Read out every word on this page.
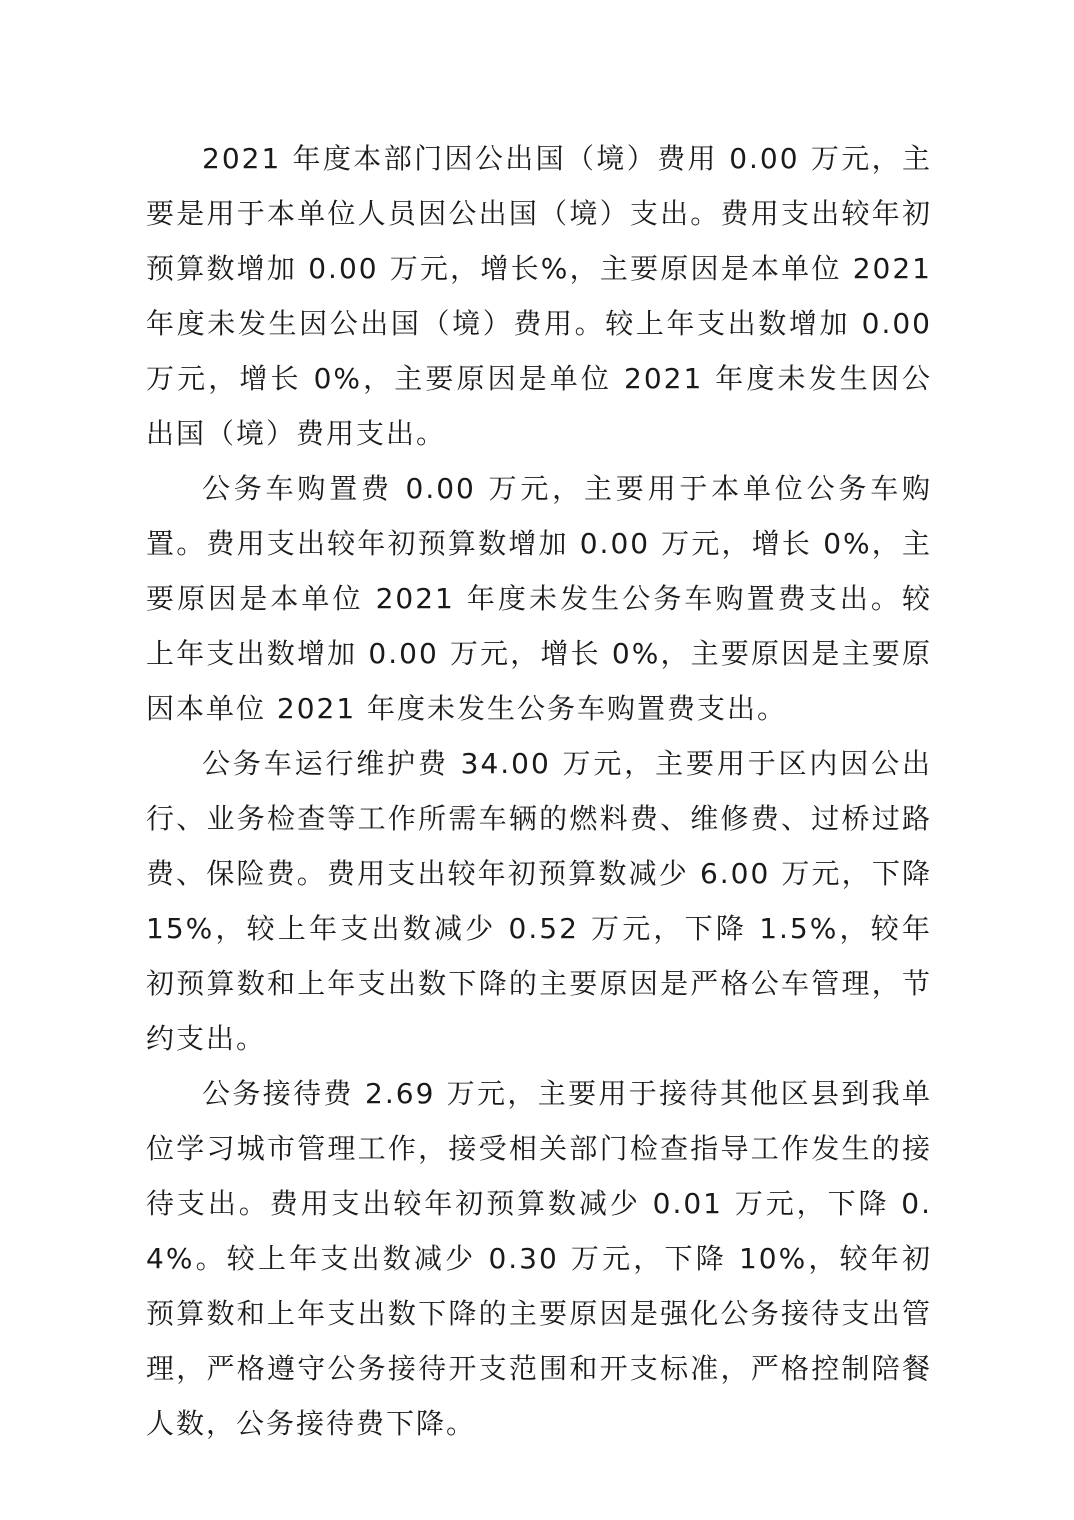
2021 年度本部门因公出国（境）费用 0.00 万元，主要是用于本单位人员因公出国（境）支出。费用支出较年初预算数增加 0.00 万元，增长%，主要原因是本单位 2021 年度未发生因公出国（境）费用。较上年支出数增加 0.00 万元，增长 0%，主要原因是单位 2021 年度未发生因公出国（境）费用支出。

公务车购置费 0.00 万元，主要用于本单位公务车购置。费用支出较年初预算数增加 0.00 万元，增长 0%，主要原因是本单位 2021 年度未发生公务车购置费支出。较上年支出数增加 0.00 万元，增长 0%，主要原因是主要原因本单位 2021 年度未发生公务车购置费支出。

公务车运行维护费 34.00 万元，主要用于区内因公出行、业务检查等工作所需车辆的燃料费、维修费、过桥过路费、保险费。费用支出较年初预算数减少 6.00 万元，下降 15%，较上年支出数减少 0.52 万元，下降 1.5%，较年初预算数和上年支出数下降的主要原因是严格公车管理，节约支出。

公务接待费 2.69 万元，主要用于接待其他区县到我单位学习城市管理工作，接受相关部门检查指导工作发生的接待支出。费用支出较年初预算数减少 0.01 万元，下降 0.4%。较上年支出数减少 0.30 万元，下降 10%，较年初预算数和上年支出数下降的主要原因是强化公务接待支出管理，严格遵守公务接待开支范围和开支标准，严格控制陪餐人数，公务接待费下降。
